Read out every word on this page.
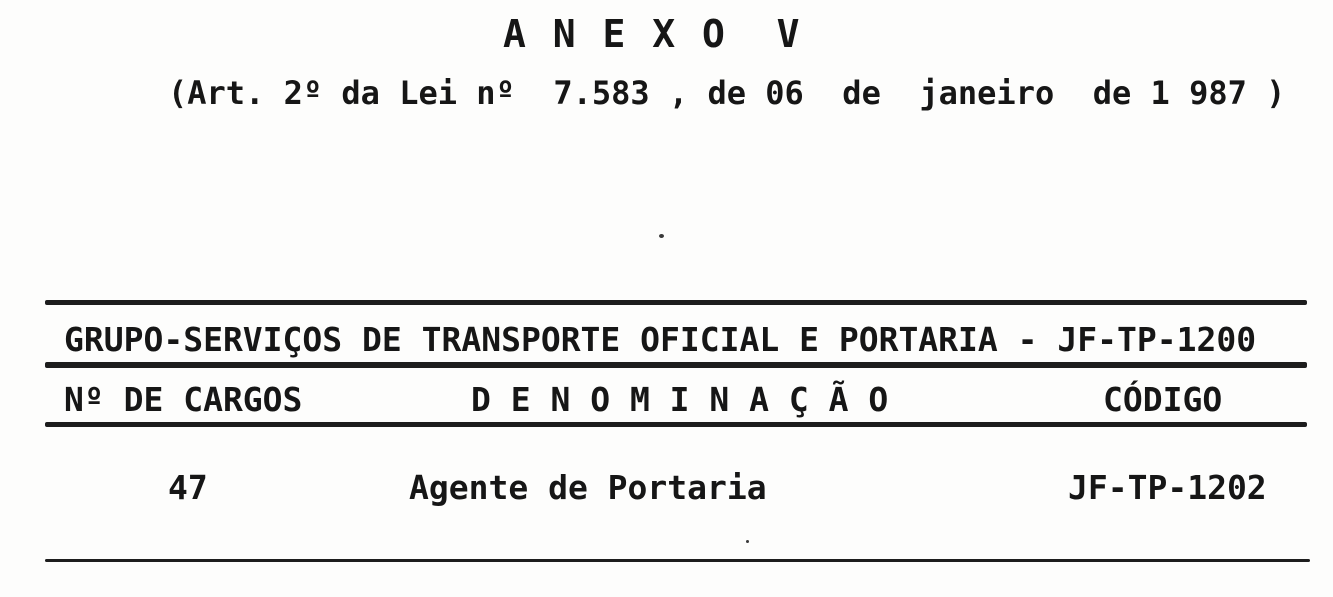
A N E X O  V
(Art. 2º da Lei nº  7.583 , de 06  de  janeiro  de 1 987 )
GRUPO-SERVIÇOS DE TRANSPORTE OFICIAL E PORTARIA - JF-TP-1200
Nº DE CARGOS	D E N O M I N A Ç Ã O	CÓDIGO
47	Agente de Portaria	JF-TP-1202
